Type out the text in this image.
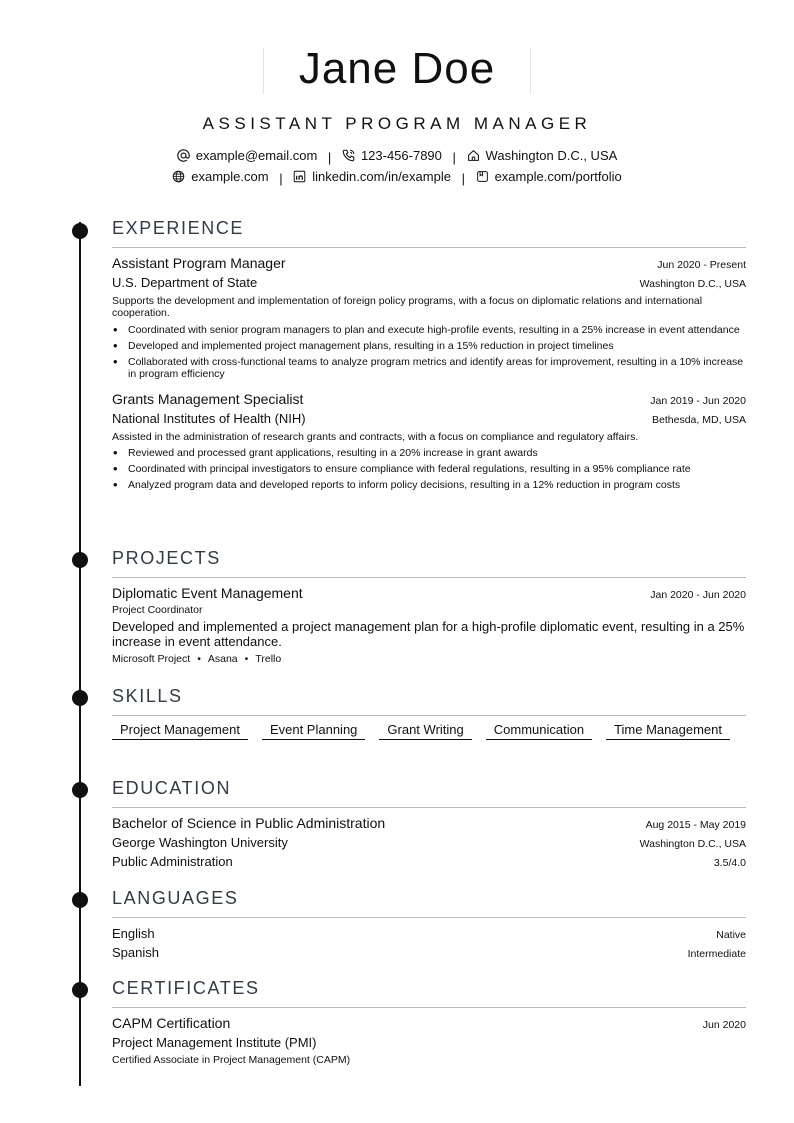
Jane Doe
ASSISTANT PROGRAM MANAGER
example@email.com | 123-456-7890 | Washington D.C., USA
example.com | linkedin.com/in/example | example.com/portfolio
EXPERIENCE
Assistant Program Manager	Jun 2020 - Present
U.S. Department of State	Washington D.C., USA
Supports the development and implementation of foreign policy programs, with a focus on diplomatic relations and international cooperation.
• Coordinated with senior program managers to plan and execute high-profile events, resulting in a 25% increase in event attendance
• Developed and implemented project management plans, resulting in a 15% reduction in project timelines
• Collaborated with cross-functional teams to analyze program metrics and identify areas for improvement, resulting in a 10% increase in program efficiency
Grants Management Specialist	Jan 2019 - Jun 2020
National Institutes of Health (NIH)	Bethesda, MD, USA
Assisted in the administration of research grants and contracts, with a focus on compliance and regulatory affairs.
• Reviewed and processed grant applications, resulting in a 20% increase in grant awards
• Coordinated with principal investigators to ensure compliance with federal regulations, resulting in a 95% compliance rate
• Analyzed program data and developed reports to inform policy decisions, resulting in a 12% reduction in program costs
PROJECTS
Diplomatic Event Management	Jan 2020 - Jun 2020
Project Coordinator
Developed and implemented a project management plan for a high-profile diplomatic event, resulting in a 25% increase in event attendance.
Microsoft Project • Asana • Trello
SKILLS
Project Management	Event Planning	Grant Writing	Communication	Time Management
EDUCATION
Bachelor of Science in Public Administration	Aug 2015 - May 2019
George Washington University	Washington D.C., USA
Public Administration	3.5/4.0
LANGUAGES
English	Native
Spanish	Intermediate
CERTIFICATES
CAPM Certification	Jun 2020
Project Management Institute (PMI)
Certified Associate in Project Management (CAPM)
